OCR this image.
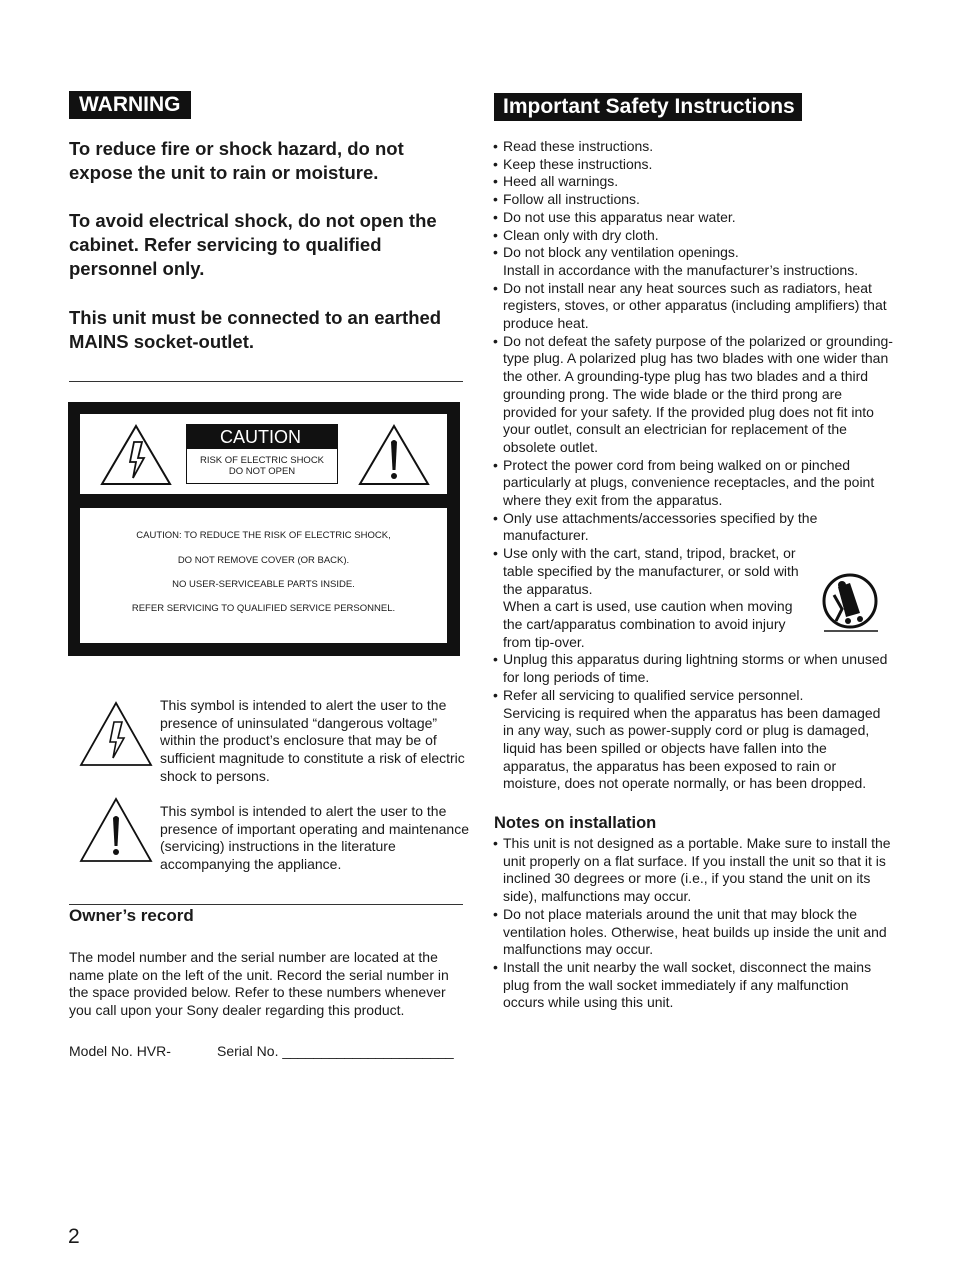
WARNING
To reduce fire or shock hazard, do not expose the unit to rain or moisture.
To avoid electrical shock, do not open the cabinet. Refer servicing to qualified personnel only.
This unit must be connected to an earthed MAINS socket-outlet.
CAUTION
RISK OF ELECTRIC SHOCK
DO NOT OPEN
CAUTION: TO REDUCE THE RISK OF ELECTRIC SHOCK,
DO NOT REMOVE COVER (OR BACK).
NO USER-SERVICEABLE PARTS INSIDE.
REFER SERVICING TO QUALIFIED SERVICE PERSONNEL.
This symbol is intended to alert the user to the presence of uninsulated “dangerous voltage” within the product’s enclosure that may be of sufficient magnitude to constitute a risk of electric shock to persons.
This symbol is intended to alert the user to the presence of important operating and maintenance (servicing) instructions in the literature accompanying the appliance.
Owner’s record
The model number and the serial number are located at the name plate on the left of the unit. Record the serial number in the space provided below. Refer to these numbers whenever you call upon your Sony dealer regarding this product.
Model No. HVR-	Serial No. ______________________
2
Important Safety Instructions
• Read these instructions.
• Keep these instructions.
• Heed all warnings.
• Follow all instructions.
• Do not use this apparatus near water.
• Clean only with dry cloth.
• Do not block any ventilation openings.
Install in accordance with the manufacturer’s instructions.
• Do not install near any heat sources such as radiators, heat registers, stoves, or other apparatus (including amplifiers) that produce heat.
• Do not defeat the safety purpose of the polarized or grounding-type plug. A polarized plug has two blades with one wider than the other. A grounding-type plug has two blades and a third grounding prong. The wide blade or the third prong are provided for your safety. If the provided plug does not fit into your outlet, consult an electrician for replacement of the obsolete outlet.
• Protect the power cord from being walked on or pinched particularly at plugs, convenience receptacles, and the point where they exit from the apparatus.
• Only use attachments/accessories specified by the manufacturer.
• Use only with the cart, stand, tripod, bracket, or table specified by the manufacturer, or sold with the apparatus.
When a cart is used, use caution when moving the cart/apparatus combination to avoid injury from tip-over.
• Unplug this apparatus during lightning storms or when unused for long periods of time.
• Refer all servicing to qualified service personnel.
Servicing is required when the apparatus has been damaged in any way, such as power-supply cord or plug is damaged, liquid has been spilled or objects have fallen into the apparatus, the apparatus has been exposed to rain or moisture, does not operate normally, or has been dropped.
Notes on installation
• This unit is not designed as a portable. Make sure to install the unit properly on a flat surface. If you install the unit so that it is inclined 30 degrees or more (i.e., if you stand the unit on its side), malfunctions may occur.
• Do not place materials around the unit that may block the ventilation holes. Otherwise, heat builds up inside the unit and malfunctions may occur.
• Install the unit nearby the wall socket, disconnect the mains plug from the wall socket immediately if any malfunction occurs while using this unit.
